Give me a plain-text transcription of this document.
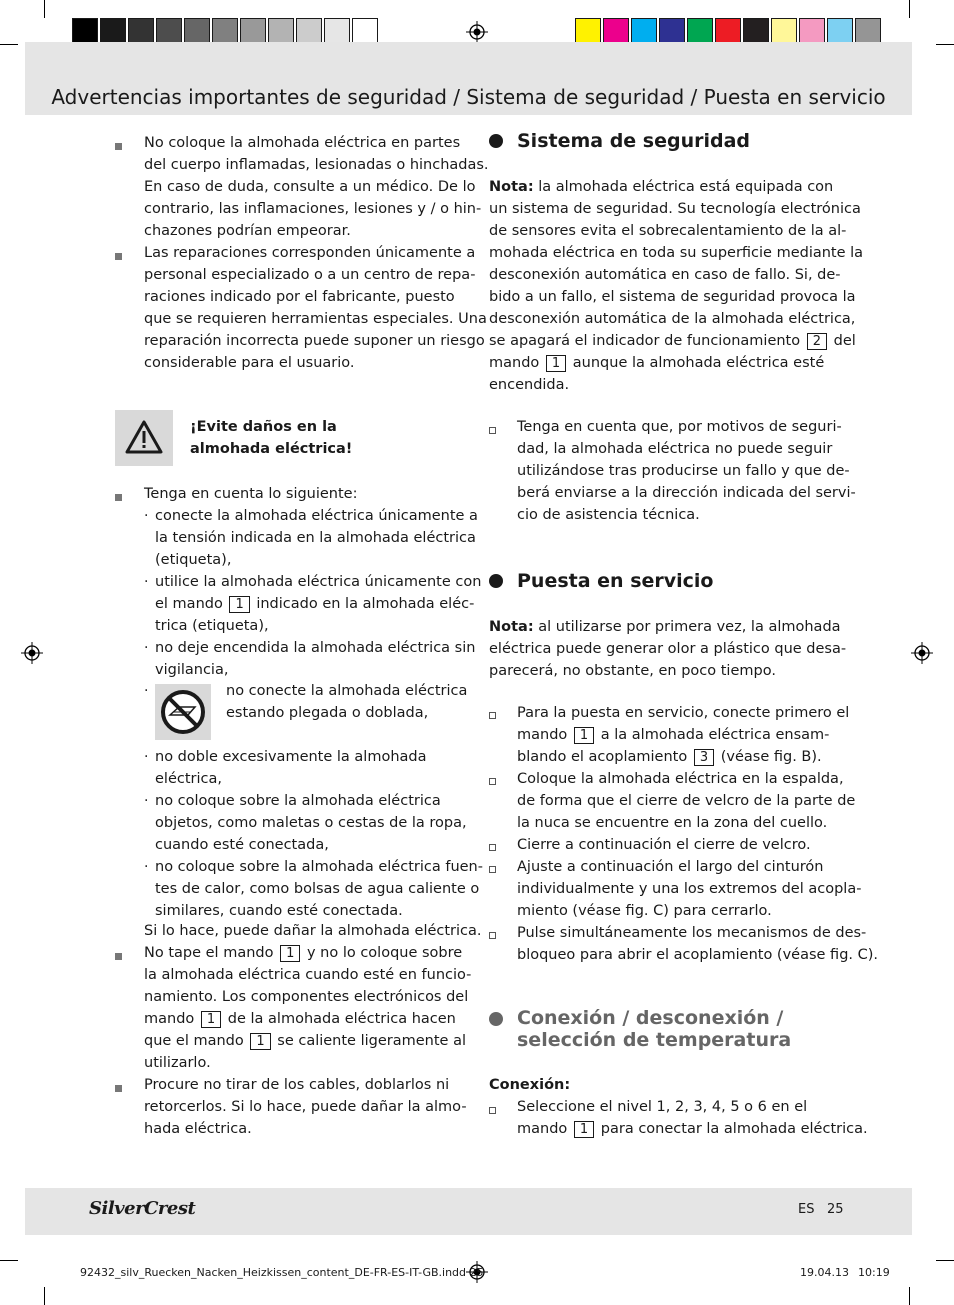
Advertencias importantes de seguridad / Sistema de seguridad / Puesta en servicio
No coloque la almohada eléctrica en partes
del cuerpo inflamadas, lesionadas o hinchadas.
En caso de duda, consulte a un médico. De lo
contrario, las inflamaciones, lesiones y / o hin-
chazones podrían empeorar.
Las reparaciones corresponden únicamente a
personal especializado o a un centro de repa-
raciones indicado por el fabricante, puesto
que se requieren herramientas especiales. Una
reparación incorrecta puede suponer un riesgo
considerable para el usuario.
¡Evite daños en la
almohada eléctrica!
Tenga en cuenta lo siguiente:
· conecte la almohada eléctrica únicamente a
la tensión indicada en la almohada eléctrica
(etiqueta),
· utilice la almohada eléctrica únicamente con
el mando 1 indicado en la almohada eléc-
trica (etiqueta),
· no deje encendida la almohada eléctrica sin
vigilancia,
·	no conecte la almohada eléctrica
estando plegada o doblada,
· no doble excesivamente la almohada
eléctrica,
· no coloque sobre la almohada eléctrica
objetos, como maletas o cestas de la ropa,
cuando esté conectada,
· no coloque sobre la almohada eléctrica fuen-
tes de calor, como bolsas de agua caliente o
similares, cuando esté conectada.
Si lo hace, puede dañar la almohada eléctrica.
No tape el mando 1 y no lo coloque sobre
la almohada eléctrica cuando esté en funcio-
namiento. Los componentes electrónicos del
mando 1 de la almohada eléctrica hacen
que el mando 1 se caliente ligeramente al
utilizarlo.
Procure no tirar de los cables, doblarlos ni
retorcerlos. Si lo hace, puede dañar la almo-
hada eléctrica.
Sistema de seguridad
Nota: la almohada eléctrica está equipada con
un sistema de seguridad. Su tecnología electrónica
de sensores evita el sobrecalentamiento de la al-
mohada eléctrica en toda su superficie mediante la
desconexión automática en caso de fallo. Si, de-
bido a un fallo, el sistema de seguridad provoca la
desconexión automática de la almohada eléctrica,
se apagará el indicador de funcionamiento 2 del
mando 1 aunque la almohada eléctrica esté
encendida.
Tenga en cuenta que, por motivos de seguri-
dad, la almohada eléctrica no puede seguir
utilizándose tras producirse un fallo y que de-
berá enviarse a la dirección indicada del servi-
cio de asistencia técnica.
Puesta en servicio
Nota: al utilizarse por primera vez, la almohada
eléctrica puede generar olor a plástico que desa-
parecerá, no obstante, en poco tiempo.
Para la puesta en servicio, conecte primero el
mando 1 a la almohada eléctrica ensam-
blando el acoplamiento 3 (véase fig. B).
Coloque la almohada eléctrica en la espalda,
de forma que el cierre de velcro de la parte de
la nuca se encuentre en la zona del cuello.
Cierre a continuación el cierre de velcro.
Ajuste a continuación el largo del cinturón
individualmente y una los extremos del acopla-
miento (véase fig. C) para cerrarlo.
Pulse simultáneamente los mecanismos de des-
bloqueo para abrir el acoplamiento (véase fig. C).
Conexión / desconexión /
selección de temperatura
Conexión:
Seleccione el nivel 1, 2, 3, 4, 5 o 6 en el
mando 1 para conectar la almohada eléctrica.
SilverCrest	ES 25
92432_silv_Ruecken_Nacken_Heizkissen_content_DE-FR-ES-IT-GB.indd 25	19.04.13 10:19
